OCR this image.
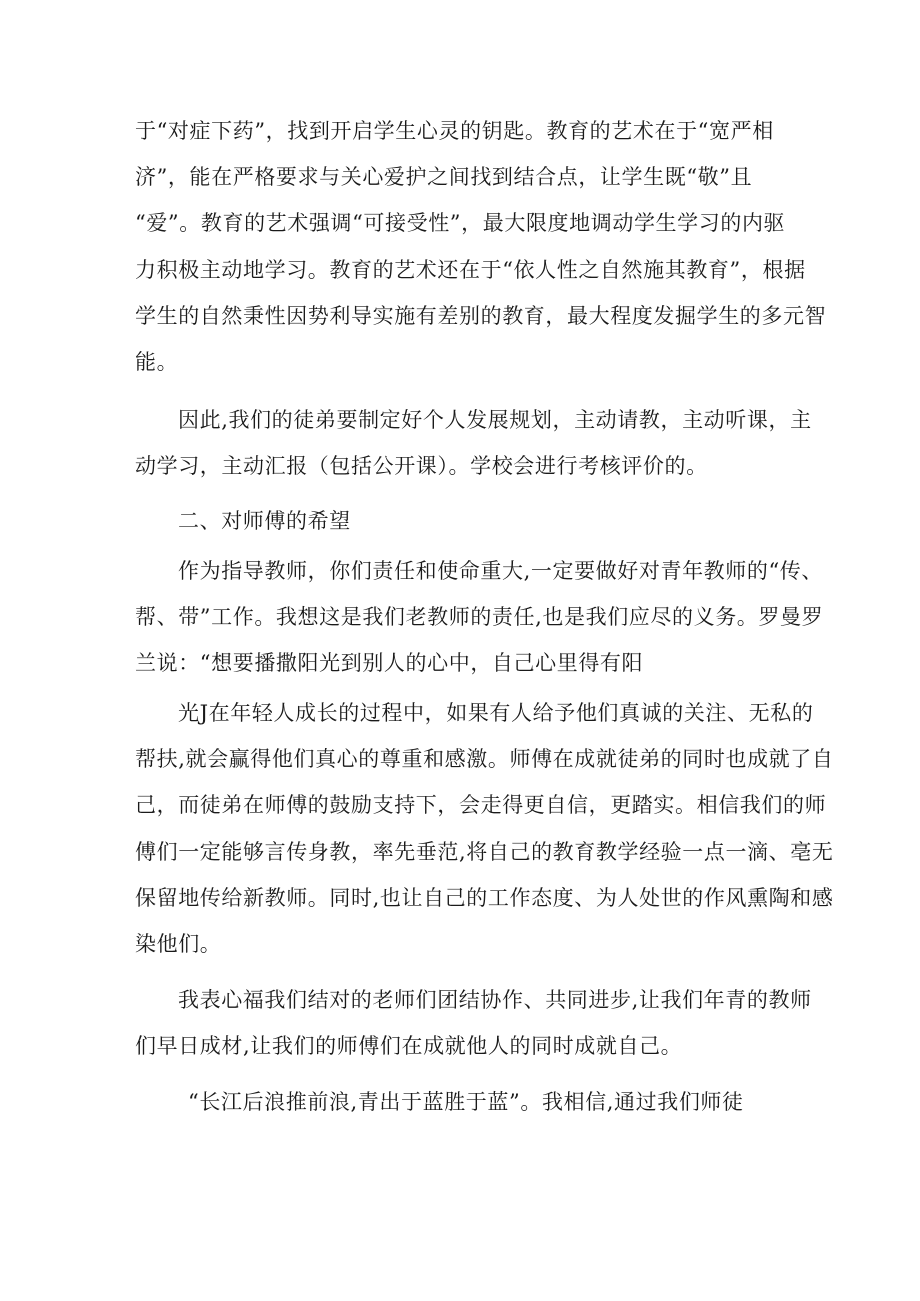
于“对症下药”，找到开启学生心灵的钥匙。教育的艺术在于“宽严相

济”，能在严格要求与关心爱护之间找到结合点，让学生既“敬”且

“爱”。教育的艺术强调“可接受性”，最大限度地调动学生学习的内驱

力积极主动地学习。教育的艺术还在于“依人性之自然施其教育”，根据

学生的自然秉性因势利导实施有差别的教育，最大程度发掘学生的多元智

能。

因此,我们的徒弟要制定好个人发展规划，主动请教，主动听课，主

动学习，主动汇报（包括公开课）。学校会进行考核评价的。

二、对师傅的希望

作为指导教师，你们责任和使命重大,一定要做好对青年教师的“传、

帮、带”工作。我想这是我们老教师的责任,也是我们应尽的义务。罗曼罗

兰说：“想要播撒阳光到别人的心中，自己心里得有阳

光J在年轻人成长的过程中，如果有人给予他们真诚的关注、无私的

帮扶,就会赢得他们真心的尊重和感激。师傅在成就徒弟的同时也成就了自

己，而徒弟在师傅的鼓励支持下，会走得更自信，更踏实。相信我们的师

傅们一定能够言传身教，率先垂范,将自己的教育教学经验一点一滴、亳无

保留地传给新教师。同时,也让自己的工作态度、为人处世的作风熏陶和感

染他们。

我表心福我们结对的老师们团结协作、共同进步,让我们年青的教师

们早日成材,让我们的师傅们在成就他人的同时成就自己。

“长江后浪推前浪,青出于蓝胜于蓝”。我相信,通过我们师徒
